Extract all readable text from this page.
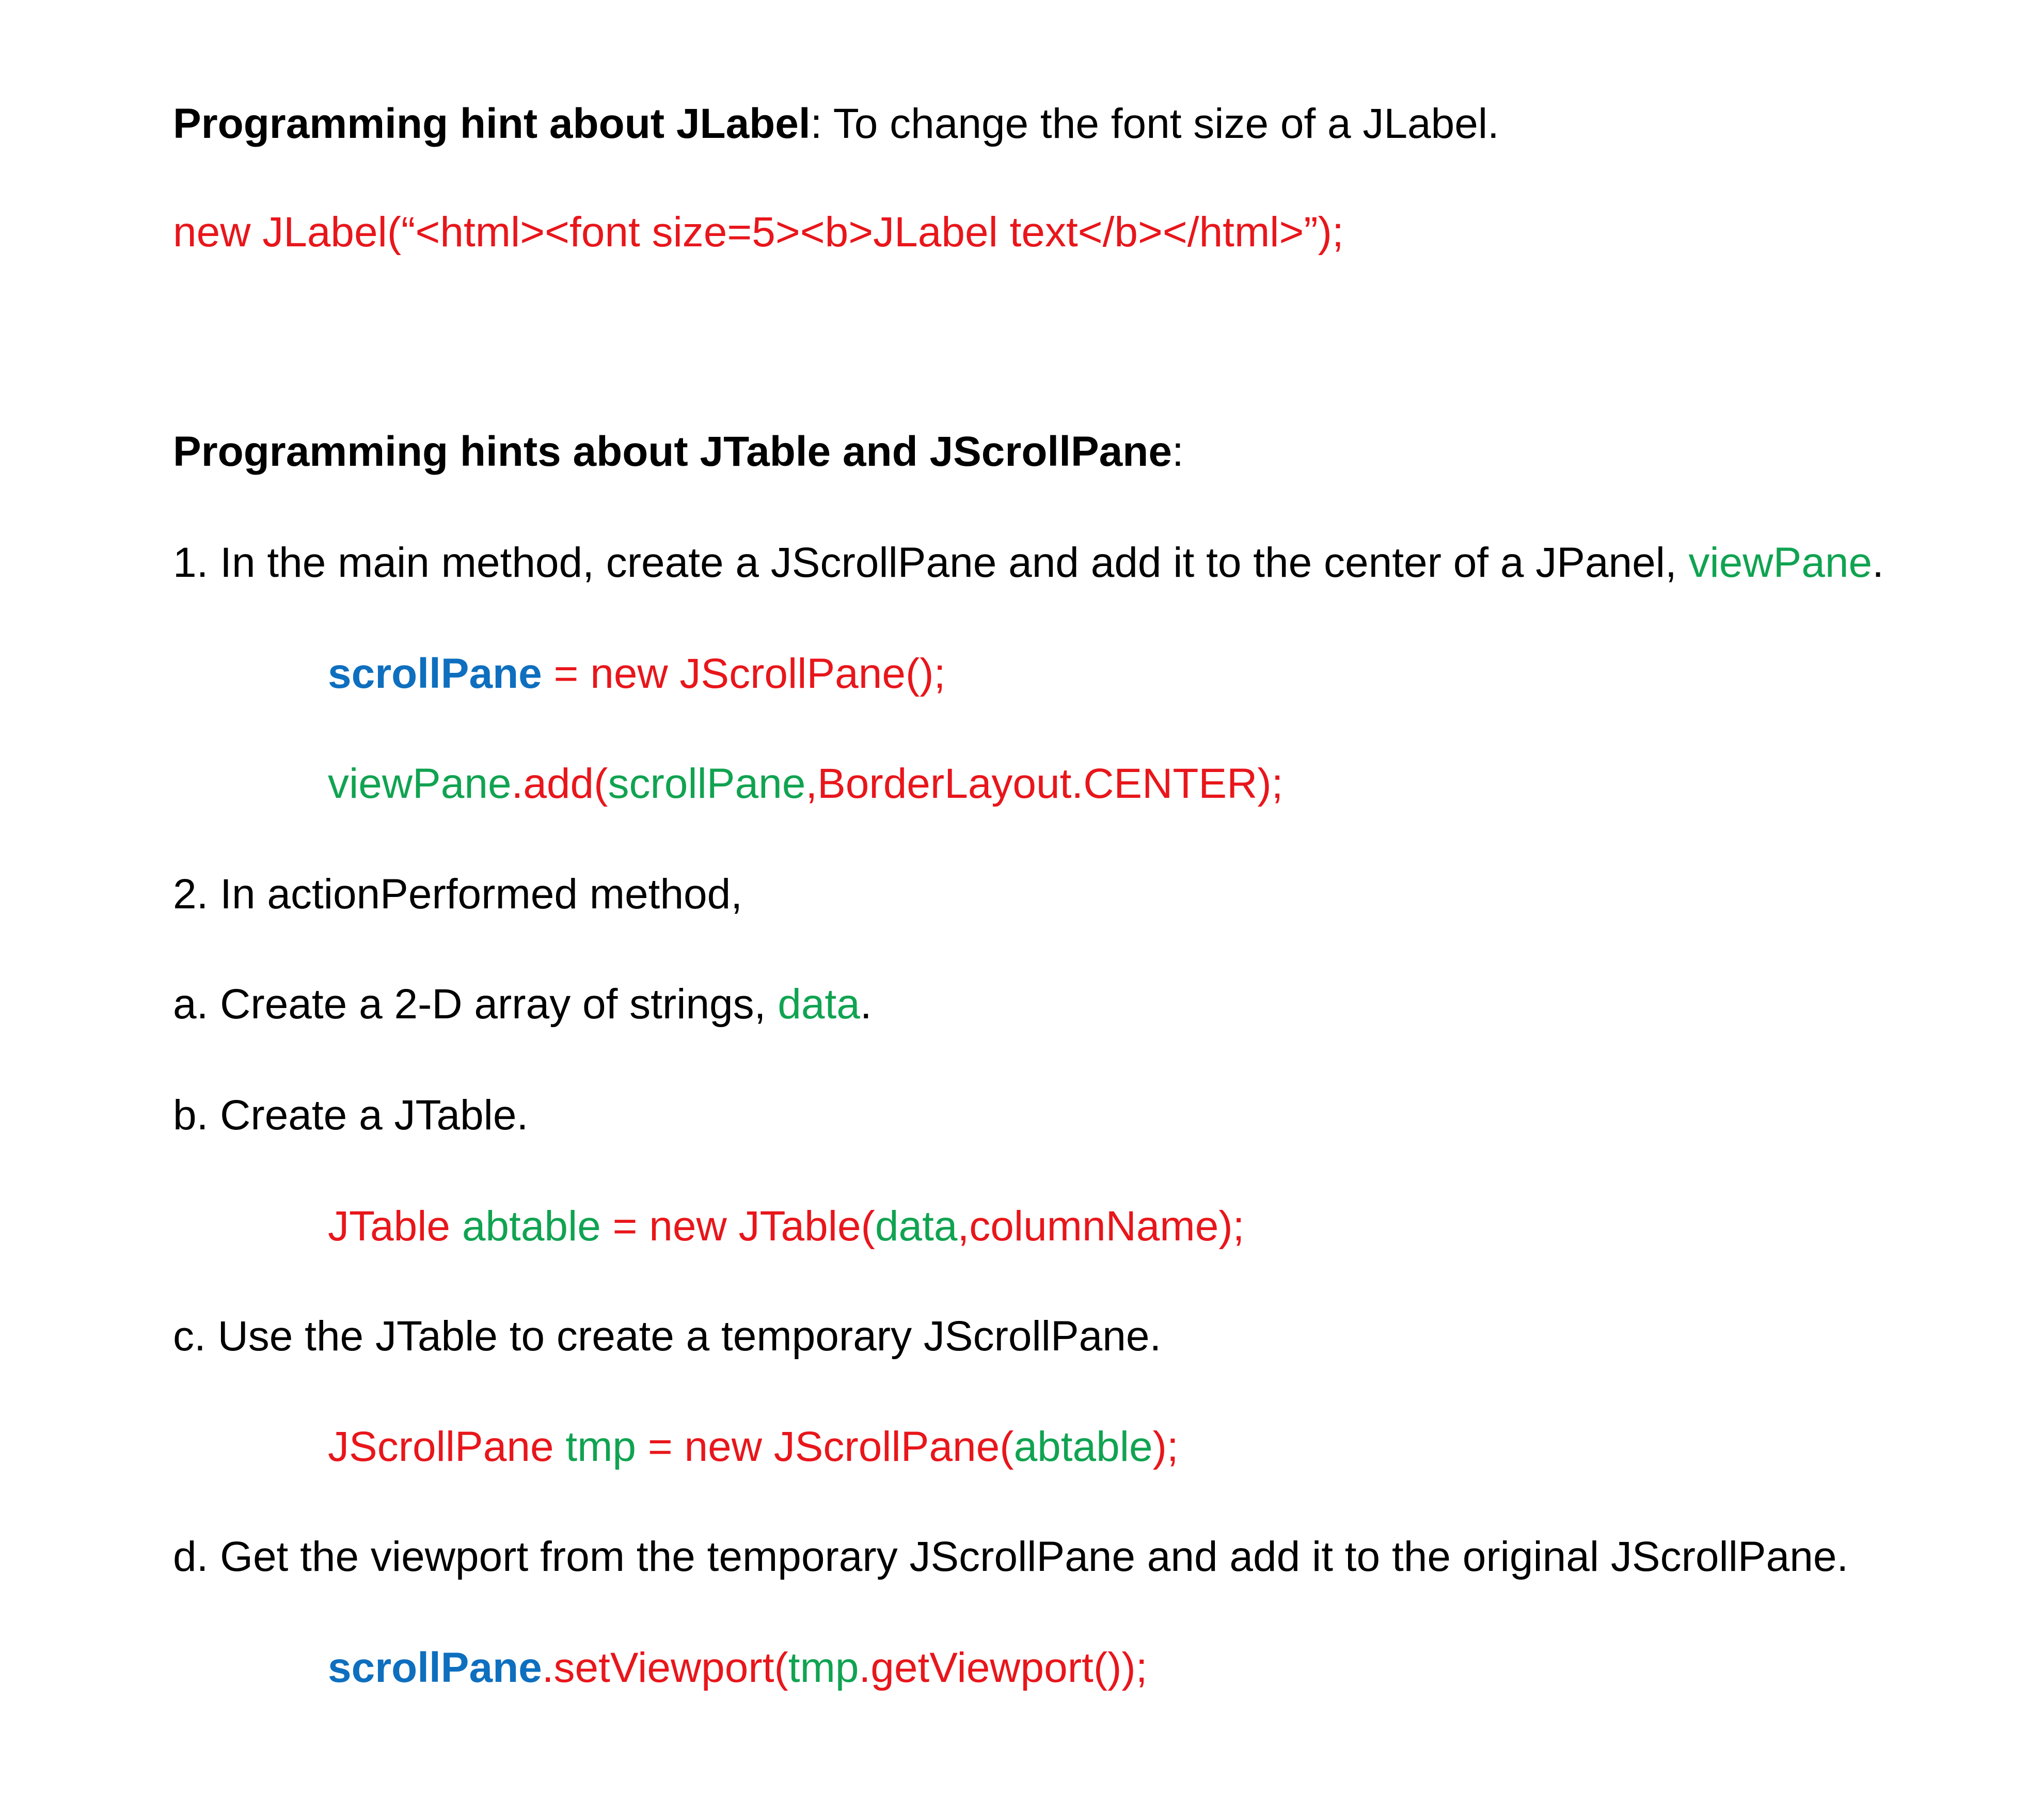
Programming hint about JLabel: To change the font size of a JLabel.
new JLabel(“<html><font size=5><b>JLabel text</b></html>”);
Programming hints about JTable and JScrollPane:
1. In the main method, create a JScrollPane and add it to the center of a JPanel, viewPane.
scrollPane = new JScrollPane();
viewPane.add(scrollPane,BorderLayout.CENTER);
2. In actionPerformed method,
a. Create a 2-D array of strings, data.
b. Create a JTable.
JTable abtable = new JTable(data,columnName);
c. Use the JTable to create a temporary JScrollPane.
JScrollPane tmp = new JScrollPane(abtable);
d. Get the viewport from the temporary JScrollPane and add it to the original JScrollPane.
scrollPane.setViewport(tmp.getViewport());
